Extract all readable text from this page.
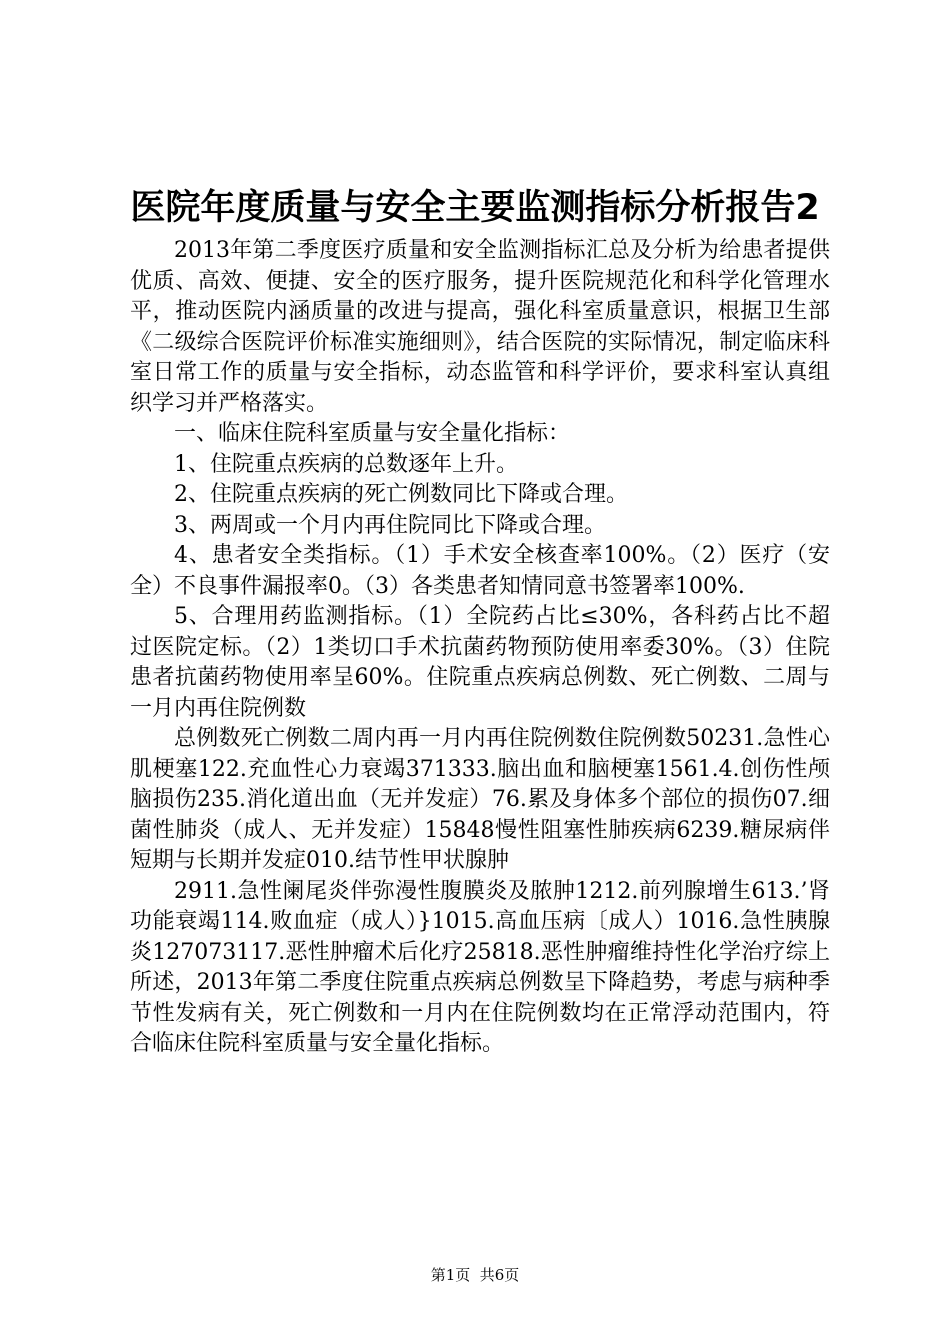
医院年度质量与安全主要监测指标分析报告2

2013年第二季度医疗质量和安全监测指标汇总及分析为给患者提供优质、高效、便捷、安全的医疗服务，提升医院规范化和科学化管理水平，推动医院内涵质量的改进与提高，强化科室质量意识，根据卫生部《二级综合医院评价标准实施细则》，结合医院的实际情况，制定临床科室日常工作的质量与安全指标，动态监管和科学评价，要求科室认真组织学习并严格落实。

一、临床住院科室质量与安全量化指标：

1、住院重点疾病的总数逐年上升。

2、住院重点疾病的死亡例数同比下降或合理。

3、两周或一个月内再住院同比下降或合理。

4、患者安全类指标。（1）手术安全核查率100%。（2）医疗（安全）不良事件漏报率0。（3）各类患者知情同意书签署率100%.

5、合理用药监测指标。（1）全院药占比≤30%，各科药占比不超过医院定标。（2）1类切口手术抗菌药物预防使用率委30%。（3）住院患者抗菌药物使用率呈60%。住院重点疾病总例数、死亡例数、二周与一月内再住院例数

总例数死亡例数二周内再一月内再住院例数住院例数50231.急性心肌梗塞122.充血性心力衰竭371333.脑出血和脑梗塞1561.4.创伤性颅脑损伤235.消化道出血（无并发症）76.累及身体多个部位的损伤07.细菌性肺炎（成人、无并发症）15848慢性阻塞性肺疾病6239.糖尿病伴短期与长期并发症010.结节性甲状腺肿

2911.急性阑尾炎伴弥漫性腹膜炎及脓肿1212.前列腺增生613.’肾功能衰竭114.败血症（成人）}1015.高血压病〔成人）1016.急性胰腺炎127073117.恶性肿瘤术后化疗25818.恶性肿瘤维持性化学治疗综上所述，2013年第二季度住院重点疾病总例数呈下降趋势，考虑与病种季节性发病有关，死亡例数和一月内在住院例数均在正常浮动范围内，符合临床住院科室质量与安全量化指标。

第1页  共6页
